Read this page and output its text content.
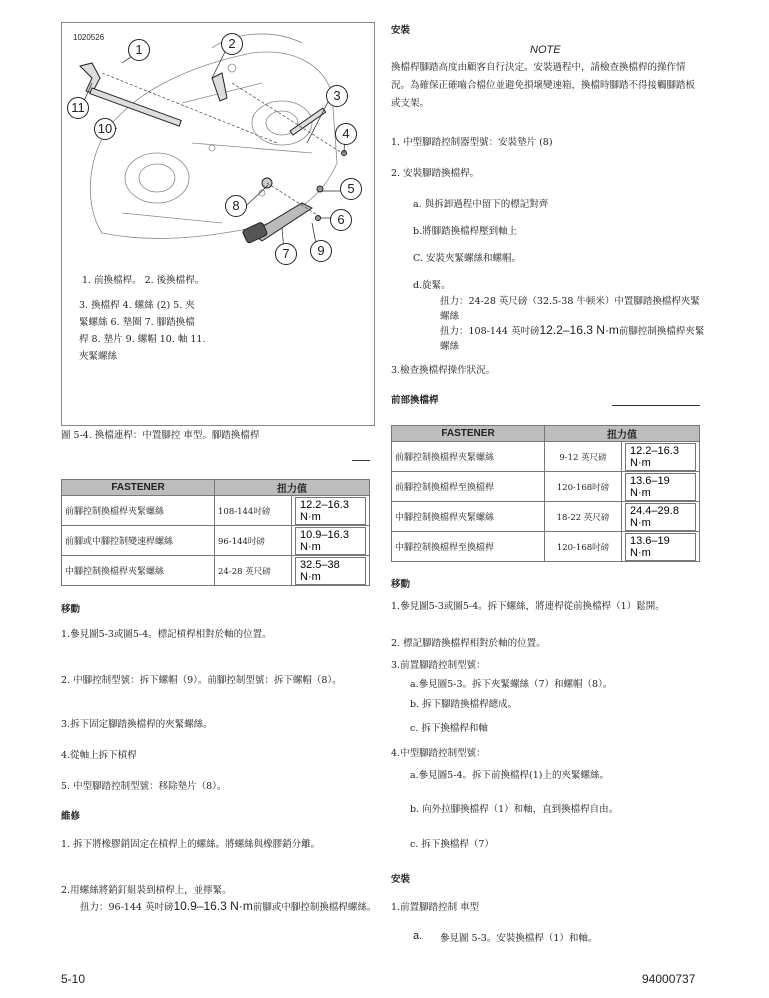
1020526
1	2
3
4
5
6
7
8
9
10
11
1. 前換檔桿。 2. 後換檔桿。
3. 換檔桿 4. 螺絲 (2) 5. 夾
緊螺絲 6. 墊圈 7. 腳踏換檔
桿 8. 墊片 9. 螺帽 10. 軸 11.
夾緊螺絲
圖 5-4. 換檔連桿：中置腳控 車型。腳踏換檔桿
FASTENER	扭力值	
前腳控制換檔桿夾緊螺絲	108-144吋磅	12.2–16.3 N·m
前腳或中腳控制變速桿螺絲	96-144吋磅	10.9–16.3 N·m
中腳控制換檔桿夾緊螺絲	24-28 英尺磅	32.5–38 N·m
移動
1.參見圖5-3或圖5-4。標記槓桿相對於軸的位置。
2. 中腳控制型號：拆下螺帽（9）。前腳控制型號：拆下螺帽（8）。
3.拆下固定腳踏換檔桿的夾緊螺絲。
4.從軸上拆下槓桿
5. 中型腳踏控制型號：移除墊片（8）。
維修
1. 拆下將橡膠銷固定在槓桿上的螺絲。將螺絲與橡膠銷分離。
2.用螺絲將銷釘組裝到槓桿上，並擰緊。
扭力：96-144 英吋磅10.9–16.3 N·m前腳或中腳控制換檔桿螺絲。
安裝
NOTE
換檔桿腳踏高度由顧客自行決定。安裝過程中，請檢查換檔桿的操作情況。為確保正確嚙合檔位並避免損壞變速箱，換檔時腳踏不得接觸腳踏板或支架。
1. 中型腳踏控制器型號：安裝墊片 (8)
2. 安裝腳踏換檔桿。
a. 與拆卸過程中留下的標記對齊
b.將腳踏換檔桿壓到軸上
C. 安裝夾緊螺絲和螺帽。
d.旋緊。
扭力：24-28 英尺磅（32.5-38 牛顿米）中置腳踏換檔桿夾緊螺絲
扭力：108-144 英吋磅12.2–16.3 N·m前腳控制換檔桿夾緊螺絲
3.檢查換檔桿操作狀況。
前部換檔桿
FASTENER	扭力值	
前腳控制換檔桿夾緊螺絲	9-12 英尺磅	12.2–16.3 N·m
前腳控制換檔桿至換檔桿	120-168吋磅	13.6–19 N·m
中腳控制換檔桿夾緊螺絲	18-22 英尺磅	24.4–29.8 N·m
中腳控制換檔桿至換檔桿	120-168吋磅	13.6–19 N·m
移動
1.參見圖5-3或圖5-4。拆下螺絲，將連桿從前換檔桿（1）鬆開。
2. 標記腳踏換檔桿相對於軸的位置。
3.前置腳踏控制型號：
a.參見圖5-3。拆下夾緊螺絲（7）和螺帽（8）。
b. 拆下腳踏換檔桿總成。
c. 拆下換檔桿和軸
4.中型腳踏控制型號：
a.參見圖5-4。拆下前換檔桿(1)上的夾緊螺絲。
b. 向外拉腳換檔桿（1）和軸，直到換檔桿自由。
c. 拆下換檔桿（7）
安裝
1.前置腳踏控制 車型
a. 參見圖 5-3。安裝換檔桿（1）和軸。
5-10	94000737
